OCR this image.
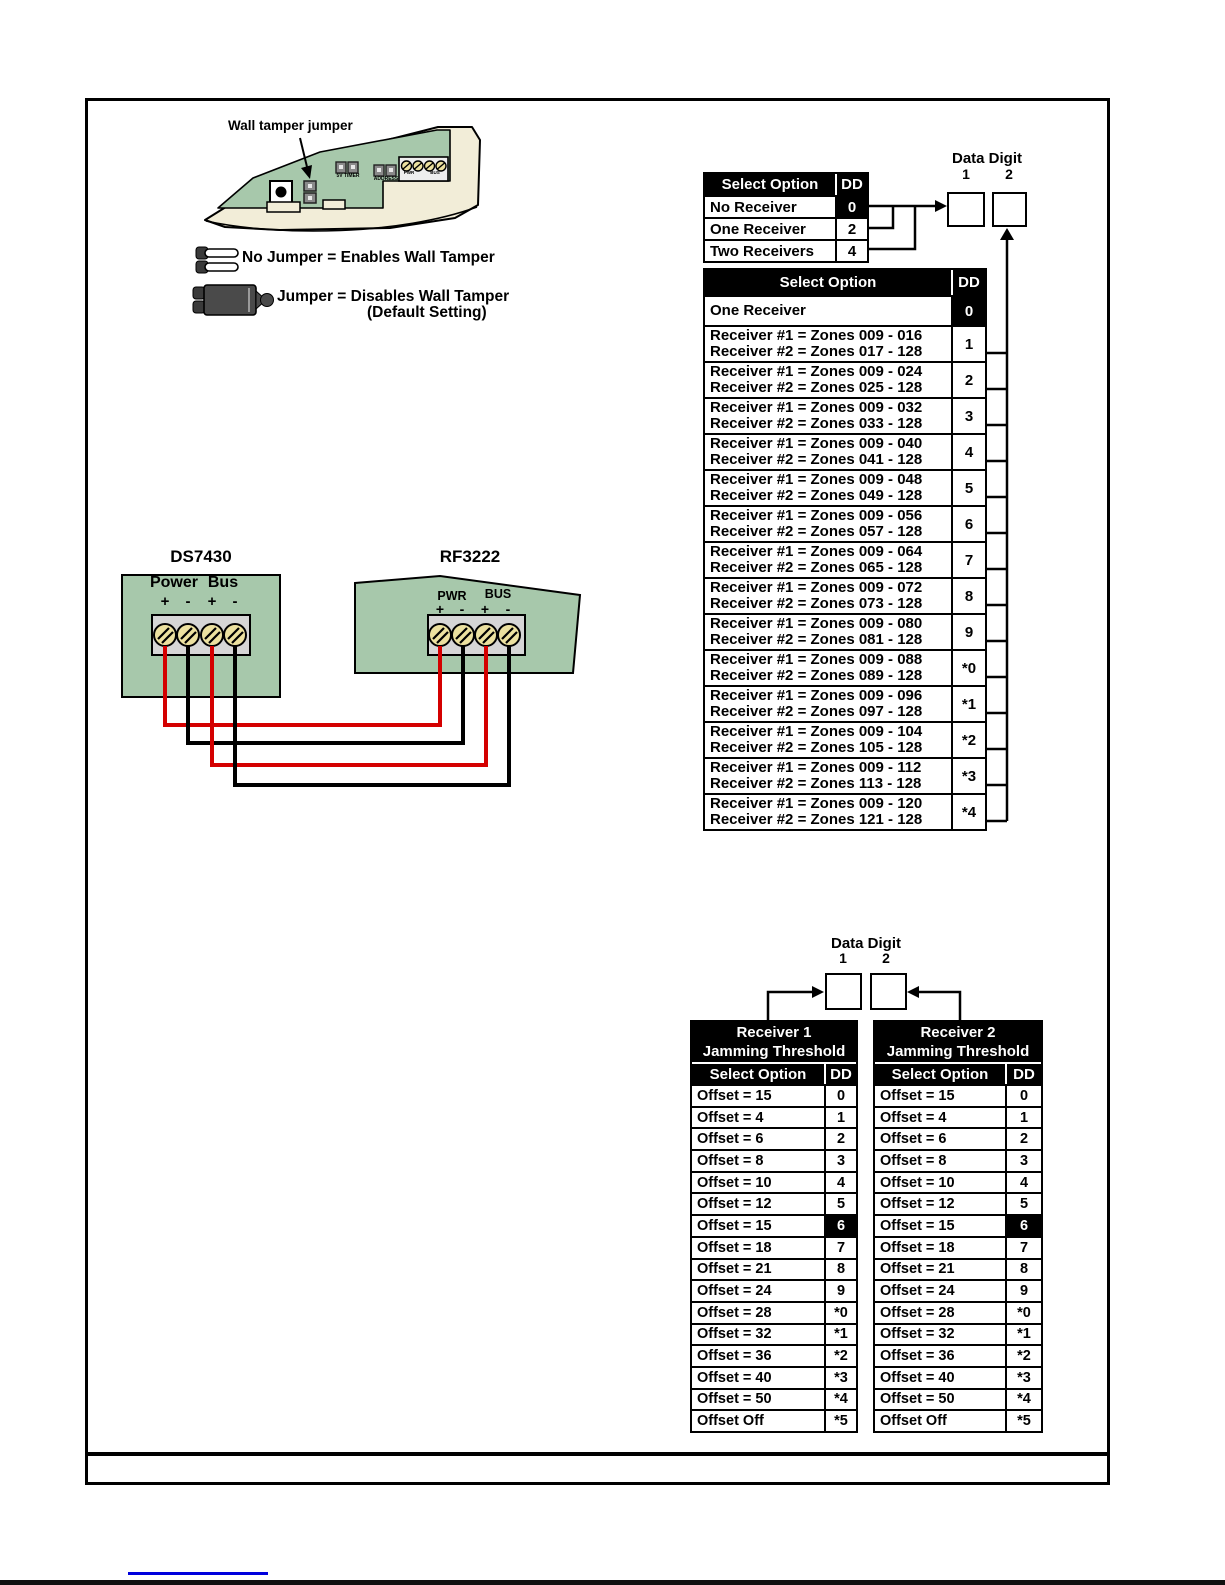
Wall tamper jumper
5V TIMER	ADDRESS
PWR	BUS
No Jumper = Enables Wall Tamper
Jumper = Disables Wall Tamper
(Default Setting)
Select Option	DD
No Receiver	0
One Receiver	2
Two Receivers	4
Data Digit
1	2
Select Option	DD
One Receiver	0
Receiver #1 = Zones 009 - 016
Receiver #2 = Zones 017 - 128	1
Receiver #1 = Zones 009 - 024
Receiver #2 = Zones 025 - 128	2
Receiver #1 = Zones 009 - 032
Receiver #2 = Zones 033 - 128	3
Receiver #1 = Zones 009 - 040
Receiver #2 = Zones 041 - 128	4
Receiver #1 = Zones 009 - 048
Receiver #2 = Zones 049 - 128	5
Receiver #1 = Zones 009 - 056
Receiver #2 = Zones 057 - 128	6
Receiver #1 = Zones 009 - 064
Receiver #2 = Zones 065 - 128	7
Receiver #1 = Zones 009 - 072
Receiver #2 = Zones 073 - 128	8
Receiver #1 = Zones 009 - 080
Receiver #2 = Zones 081 - 128	9
Receiver #1 = Zones 009 - 088
Receiver #2 = Zones 089 - 128	*0
Receiver #1 = Zones 009 - 096
Receiver #2 = Zones 097 - 128	*1
Receiver #1 = Zones 009 - 104
Receiver #2 = Zones 105 - 128	*2
Receiver #1 = Zones 009 - 112
Receiver #2 = Zones 113 - 128	*3
Receiver #1 = Zones 009 - 120
Receiver #2 = Zones 121 - 128	*4
DS7430	RF3222
Power Bus
+	-	+	-	PWR	BUS
+	-	+	-
Data Digit
1	2
Receiver 1
Jamming Threshold
Select Option	DD
Offset = 15	0
Offset = 4	1
Offset = 6	2
Offset = 8	3
Offset = 10	4
Offset = 12	5
Offset = 15	6
Offset = 18	7
Offset = 21	8
Offset = 24	9
Offset = 28	*0
Offset = 32	*1
Offset = 36	*2
Offset = 40	*3
Offset = 50	*4
Offset Off	*5
Receiver 2
Jamming Threshold
Select Option	DD
Offset = 15	0
Offset = 4	1
Offset = 6	2
Offset = 8	3
Offset = 10	4
Offset = 12	5
Offset = 15	6
Offset = 18	7
Offset = 21	8
Offset = 24	9
Offset = 28	*0
Offset = 32	*1
Offset = 36	*2
Offset = 40	*3
Offset = 50	*4
Offset Off	*5
